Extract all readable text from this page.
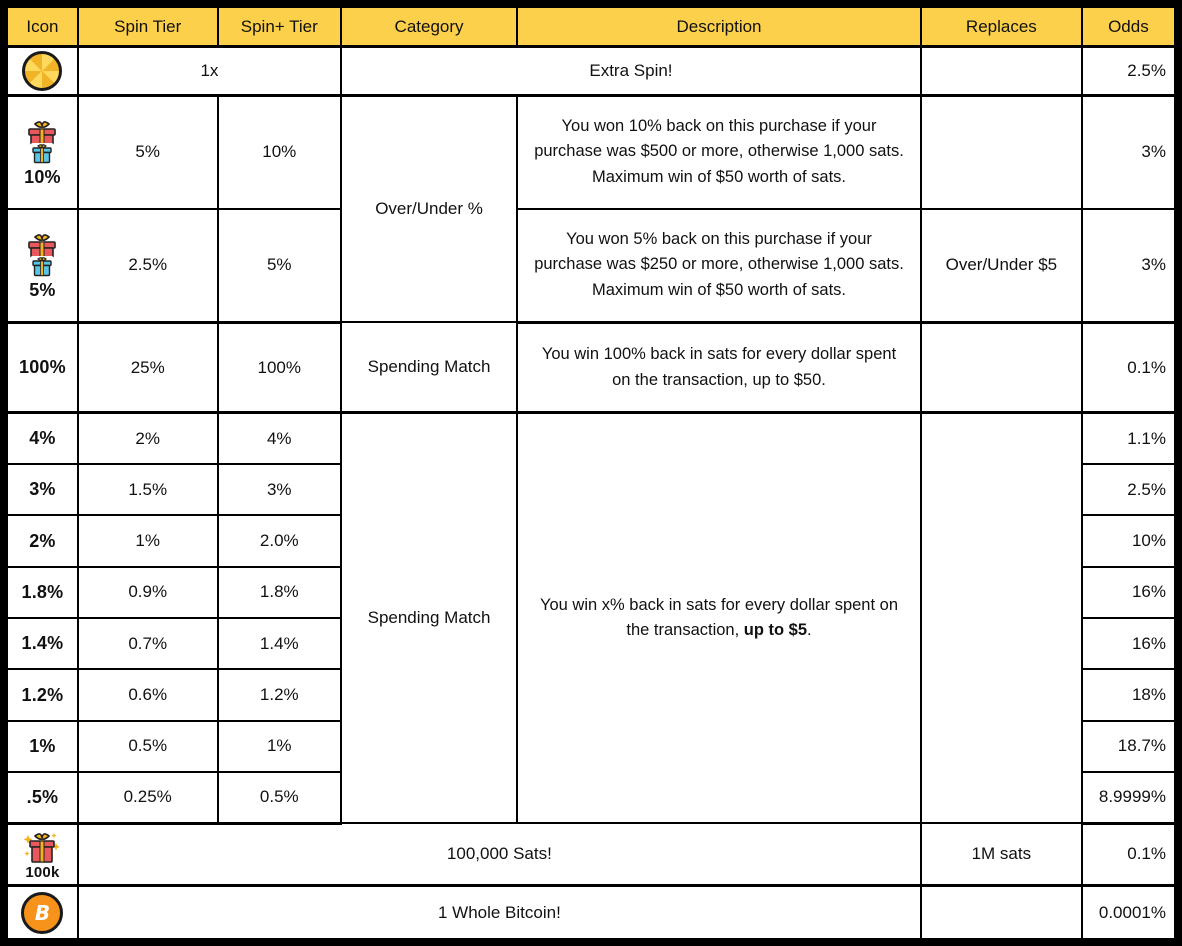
Icon	Spin Tier	Spin+ Tier	Category	Description	Replaces	Odds

	1x		Extra Spin!			2.5%

10%	5%	10%	Over/Under %	You won 10% back on this purchase if your purchase was $500 or more, otherwise 1,000 sats. Maximum win of $50 worth of sats.		3%

5%	2.5%	5%		You won 5% back on this purchase if your purchase was $250 or more, otherwise 1,000 sats. Maximum win of $50 worth of sats.	Over/Under $5	3%
100%	25%	100%	Spending Match	You win 100% back in sats for every dollar spent on the transaction, up to $50.		0.1%
4%	2%	4%	Spending Match	You win x% back in sats for every dollar spent on the transaction, up to $5.		1.1%
3%	1.5%	3%				2.5%
2%	1%	2.0%				10%
1.8%	0.9%	1.8%				16%
1.4%	0.7%	1.4%				16%
1.2%	0.6%	1.2%				18%
1%	0.5%	1%				18.7%
.5%	0.25%	0.5%				8.9999%

100k	100,000 Sats!				1M sats	0.1%

B	1 Whole Bitcoin!					0.0001%
